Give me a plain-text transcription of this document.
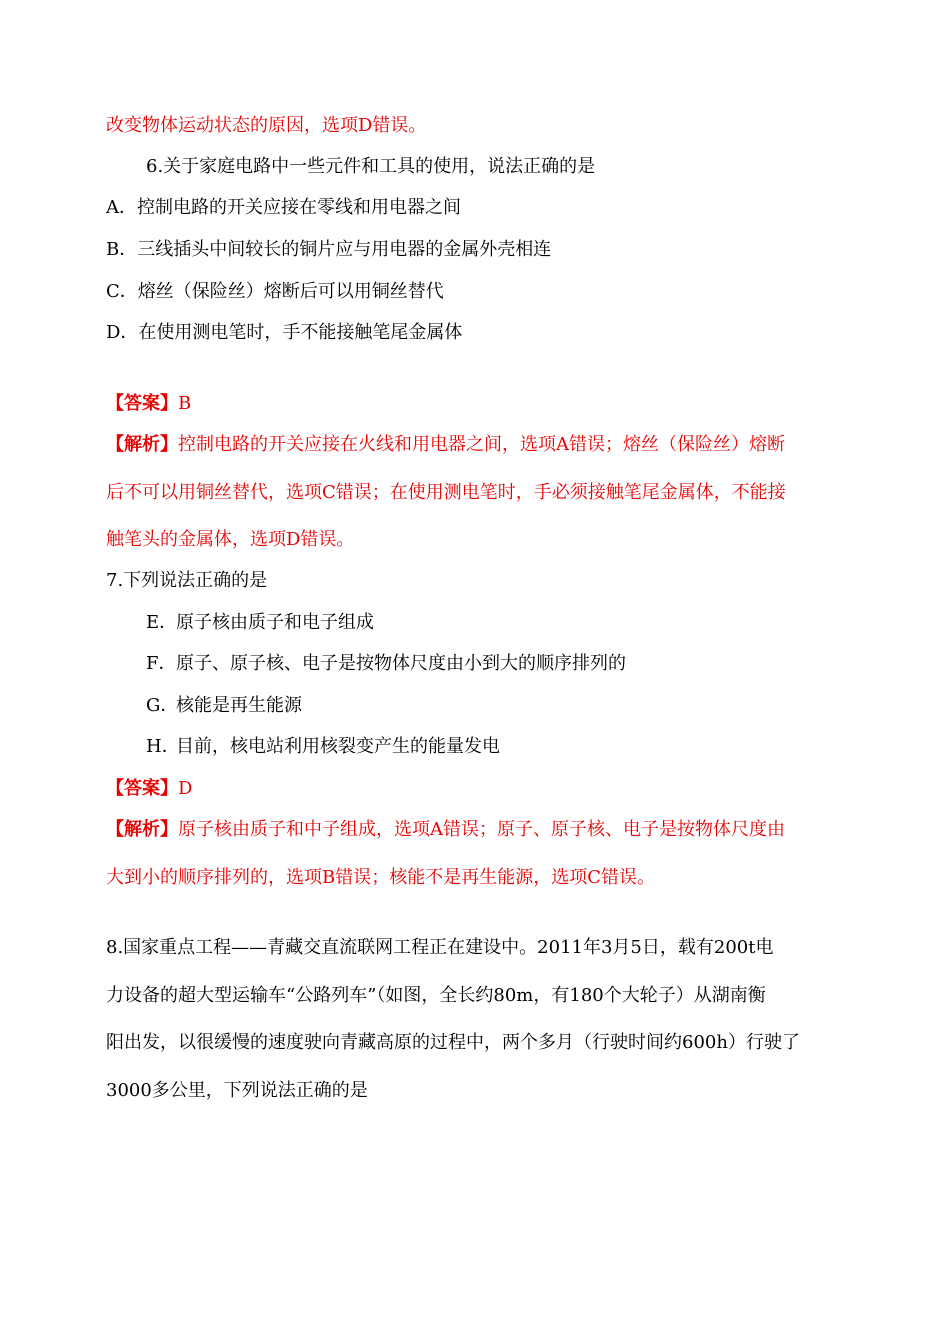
改变物体运动状态的原因，选项D错误。
6.关于家庭电路中一些元件和工具的使用，说法正确的是
A．控制电路的开关应接在零线和用电器之间
B．三线插头中间较长的铜片应与用电器的金属外壳相连
C．熔丝（保险丝）熔断后可以用铜丝替代
D．在使用测电笔时，手不能接触笔尾金属体
【答案】B
【解析】控制电路的开关应接在火线和用电器之间，选项A错误；熔丝（保险丝）熔断
后不可以用铜丝替代，选项C错误；在使用测电笔时，手必须接触笔尾金属体，不能接
触笔头的金属体，选项D错误。
7.下列说法正确的是
E．原子核由质子和电子组成
F．原子、原子核、电子是按物体尺度由小到大的顺序排列的
G．核能是再生能源
H．目前，核电站利用核裂变产生的能量发电
【答案】D
【解析】原子核由质子和中子组成，选项A错误；原子、原子核、电子是按物体尺度由
大到小的顺序排列的，选项B错误；核能不是再生能源，选项C错误。
8.国家重点工程——青藏交直流联网工程正在建设中。2011年3月5日，载有200t电
力设备的超大型运输车“公路列车”（如图，全长约80m，有180个大轮子）从湖南衡
阳出发，以很缓慢的速度驶向青藏高原的过程中，两个多月（行驶时间约600h）行驶了
3000多公里，下列说法正确的是
